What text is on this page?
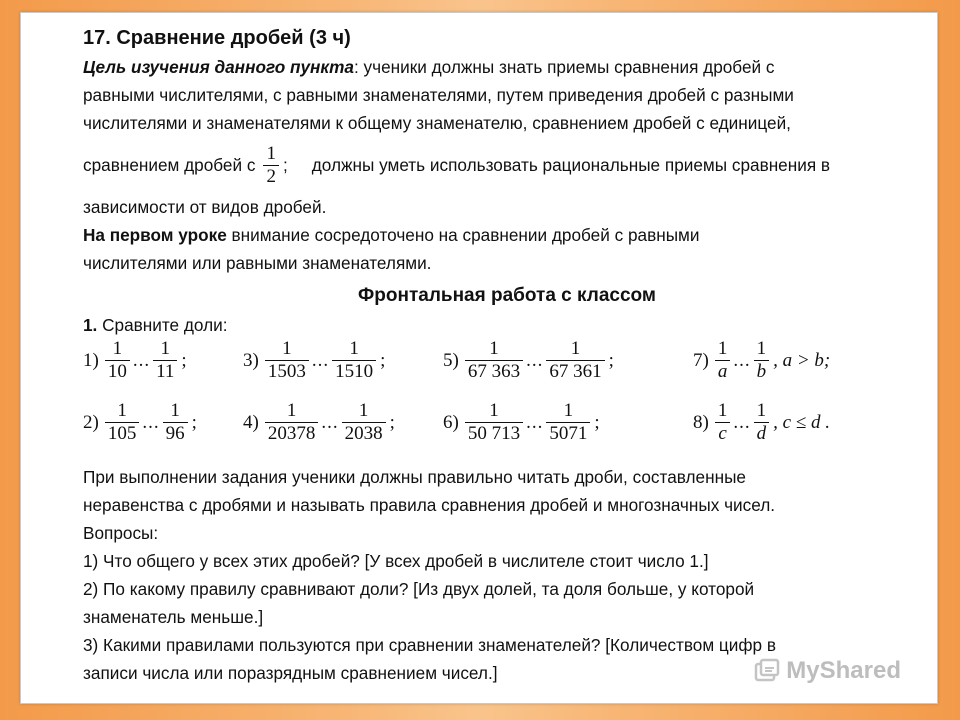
17. Сравнение дробей (3 ч)
Цель изучения данного пункта: ученики должны знать приемы сравнения дробей с
равными числителями, с равными знаменателями, путем приведения дробей с разными
числителями и знаменателями к общему знаменателю, сравнением дробей с единицей,
сравнением дробей с $\frac{1}{2}$ ; должны уметь использовать рациональные приемы сравнения в
зависимости от видов дробей.
На первом уроке внимание сосредоточено на сравнении дробей с равными
числителями или равными знаменателями.
Фронтальная работа с классом
1. Сравните доли:
$1) \frac{1}{10}$ ... $\frac{1}{11}$ ;	$3) \frac{1}{1503}$ ... $\frac{1}{1510}$ ;	$5) \frac{1}{67 363}$ ... $\frac{1}{67 361}$ ;	$7) \frac{1}{a}$ ... $\frac{1}{b}$ , a > b;
$2) \frac{1}{105}$ ... $\frac{1}{96}$ ; $4) \frac{1}{20378}$ ... $\frac{1}{2038}$ ;	$6) \frac{1}{50 713}$ ... $\frac{1}{5071}$ ;	$8) \frac{1}{c}$ ... $\frac{1}{d}$ , c ≤ d .
При выполнении задания ученики должны правильно читать дроби, составленные
неравенства с дробями и называть правила сравнения дробей и многозначных чисел.
Вопросы:
1) Что общего у всех этих дробей? [У всех дробей в числителе стоит число 1.]
2) По какому правилу сравнивают доли? [Из двух долей, та доля больше, у которой
знаменатель меньше.]
3) Какими правилами пользуются при сравнении знаменателей? [Количеством цифр в
записи числа или поразрядным сравнением чисел.]	MyShared
